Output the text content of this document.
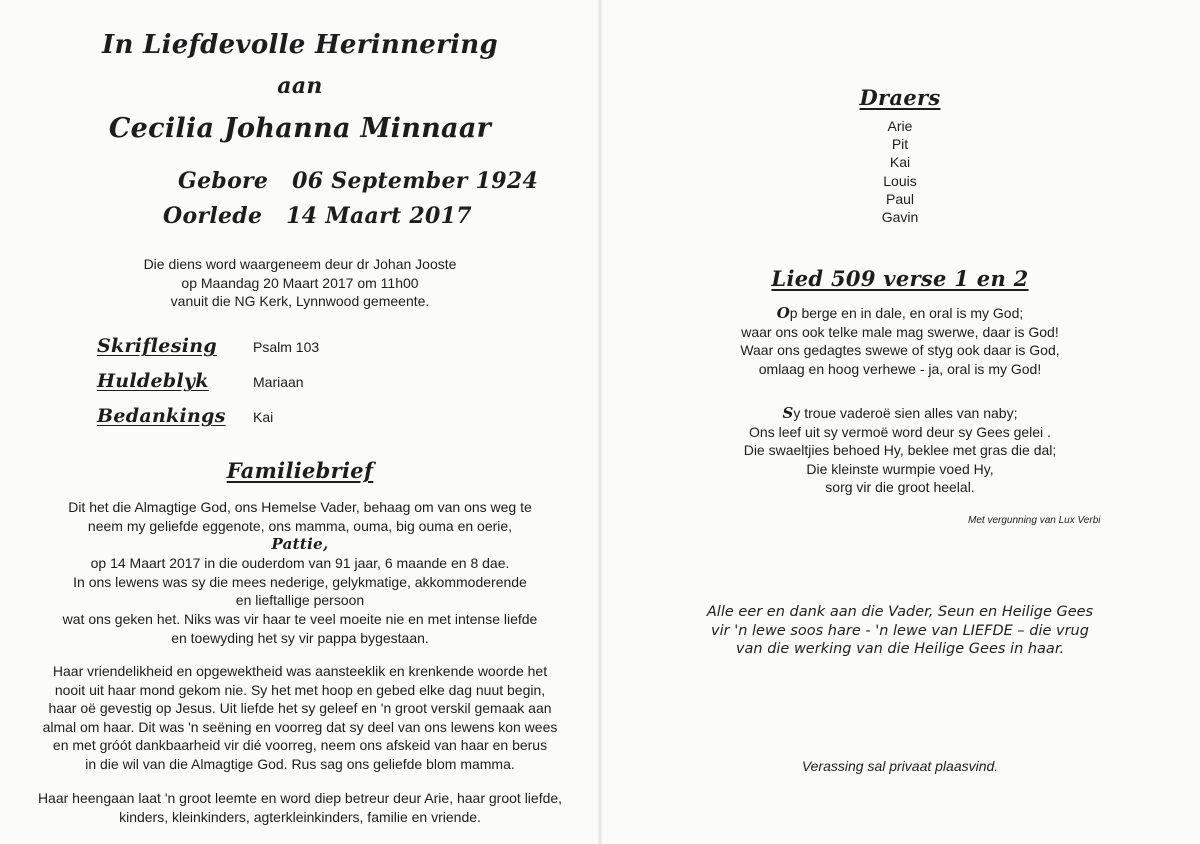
In Liefdevolle Herinnering
aan
Cecilia Johanna Minnaar
Gebore 06 September 1924
Oorlede 14 Maart 2017
Die diens word waargeneem deur dr Johan Jooste
op Maandag 20 Maart 2017 om 11h00
vanuit die NG Kerk, Lynnwood gemeente.
Skriflesing	Psalm 103
Huldeblyk	Mariaan
Bedankings Kai
Familiebrief
Dit het die Almagtige God, ons Hemelse Vader, behaag om van ons weg te
neem my geliefde eggenote, ons mamma, ouma, big ouma en oerie,
Pattie,
op 14 Maart 2017 in die ouderdom van 91 jaar, 6 maande en 8 dae.
In ons lewens was sy die mees nederige, gelykmatige, akkommoderende
en lieftallige persoon
wat ons geken het. Niks was vir haar te veel moeite nie en met intense liefde
en toewyding het sy vir pappa bygestaan.
Haar vriendelikheid en opgewektheid was aansteeklik en krenkende woorde het
nooit uit haar mond gekom nie. Sy het met hoop en gebed elke dag nuut begin,
haar oë gevestig op Jesus. Uit liefde het sy geleef en 'n groot verskil gemaak aan
almal om haar. Dit was 'n seëning en voorreg dat sy deel van ons lewens kon wees
en met gróót dankbaarheid vir dié voorreg, neem ons afskeid van haar en berus
in die wil van die Almagtige God. Rus sag ons geliefde blom mamma.
Haar heengaan laat 'n groot leemte en word diep betreur deur Arie, haar groot liefde,
kinders, kleinkinders, agterkleinkinders, familie en vriende.
Draers
Arie
Pit
Kai
Louis
Paul
Gavin
Lied 509 verse 1 en 2
Op berge en in dale, en oral is my God;
waar ons ook telke male mag swerwe, daar is God!
Waar ons gedagtes swewe of styg ook daar is God,
omlaag en hoog verhewe - ja, oral is my God!
Sy troue vaderoë sien alles van naby;
Ons leef uit sy vermoë word deur sy Gees gelei .
Die swaeltjies behoed Hy, beklee met gras die dal;
Die kleinste wurmpie voed Hy,
sorg vir die groot heelal.
Met vergunning van Lux Verbi
Alle eer en dank aan die Vader, Seun en Heilige Gees
vir 'n lewe soos hare - 'n lewe van LIEFDE – die vrug
van die werking van die Heilige Gees in haar.
Verassing sal privaat plaasvind.
